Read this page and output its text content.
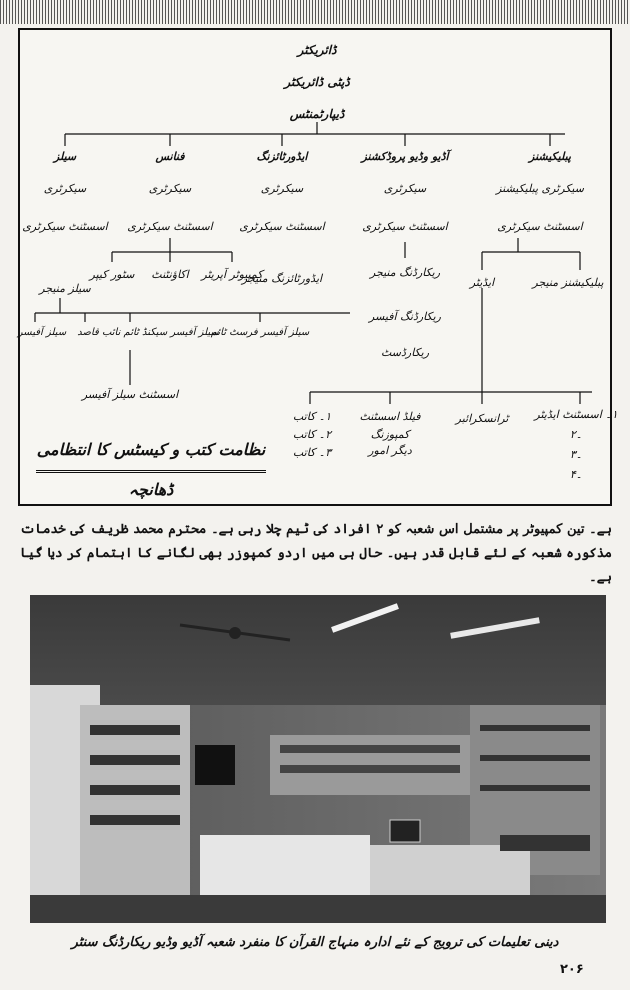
ڈائریکٹر
ڈپٹی ڈائریکٹر
ڈیپارٹمنٹس
سیلز
سیکرٹری
اسسٹنٹ سیکرٹری
سیلز منیجر
فنانس
سیکرٹری
اسسٹنٹ سیکرٹری
کمپیوٹر آپریٹر
اکاؤنٹنٹ
سٹور کیپر
سیلز آفیسر فرسٹ ٹائم
سیلز آفیسر سیکنڈ ٹائم نائب قاصد
سیلز آفیسر
اسسٹنٹ سیلز آفیسر
ایڈورٹائزنگ
سیکرٹری
اسسٹنٹ سیکرٹری
ایڈورٹائزنگ منیجر
آڈیو وڈیو پروڈکشنز
سیکرٹری
اسسٹنٹ سیکرٹری
ریکارڈنگ منیجر
ریکارڈنگ آفیسر
ریکارڈسٹ
پبلیکیشنز
سیکرٹری پبلیکیشنز
اسسٹنٹ سیکرٹری
پبلیکیشنز منیجر
ایڈیٹر
۱۔ اسسٹنٹ ایڈیٹر
۔۲
۔۳
۔۴
ٹرانسکرائبر
فیلڈ اسسٹنٹ
کمپوزنگ
دیگر امور
۱۔ کاتب
۲۔ کاتب
۳۔ کاتب
نظامت کتب و کیسٹس کا انتظامی ڈھانچہ
ہے۔ تین کمپیوٹر پر مشتمل اس شعبہ کو ۲ افراد کی ٹیم چلا رہی ہے۔ محترم محمد ظریف کی خدمات مذکورہ شعبہ کے لئے قابل قدر ہیں۔ حال ہی میں اردو کمپوزر بھی لگانے کا اہتمام کر دیا گیا ہے۔
دینی تعلیمات کی ترویج کے نئے ادارہ منہاج القرآن کا منفرد شعبہ آڈیو وڈیو ریکارڈنگ سنٹر
۲۰۶
